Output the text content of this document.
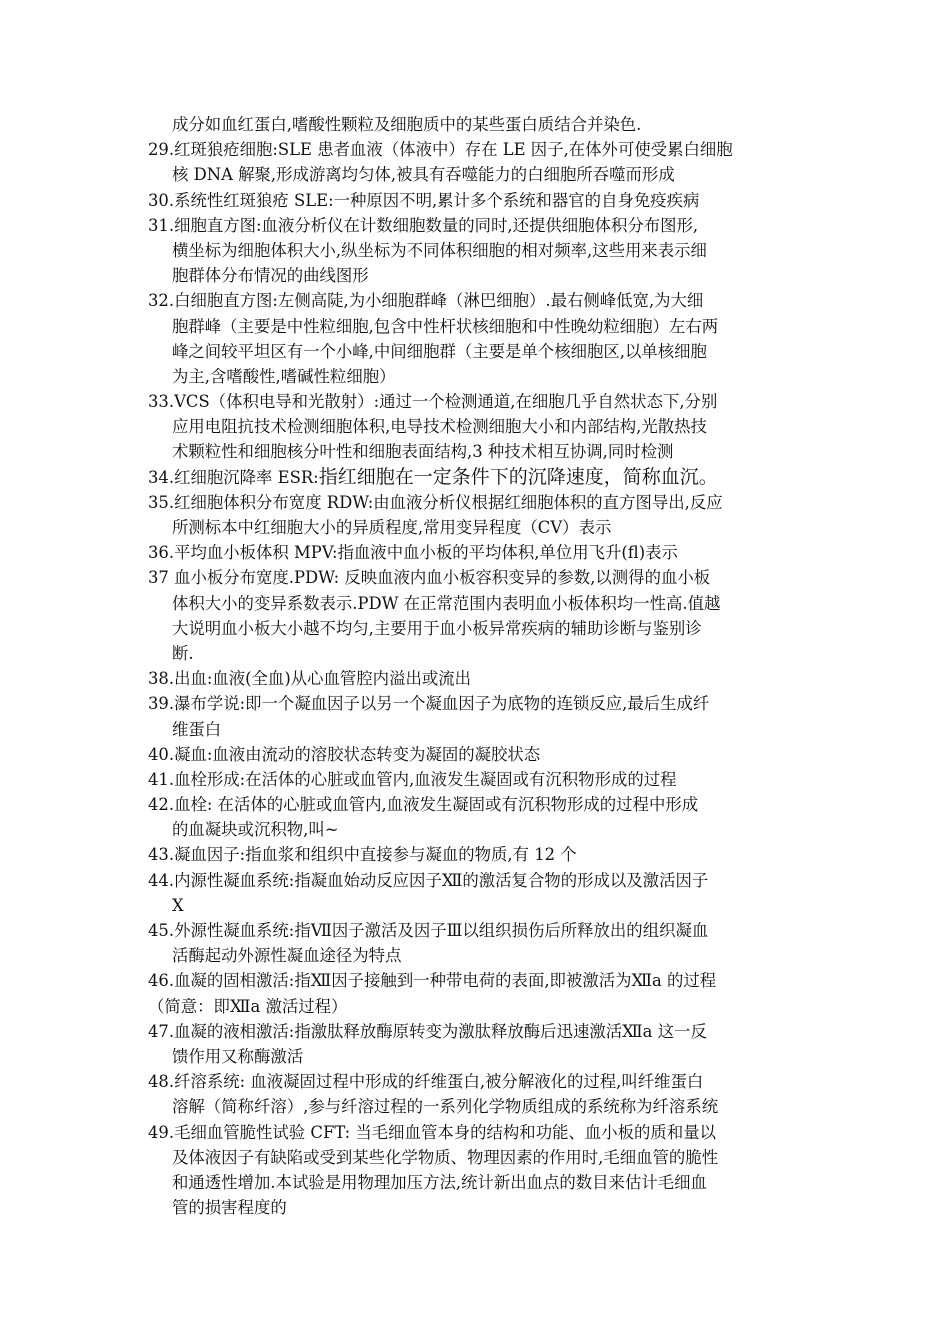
成分如血红蛋白,嗜酸性颗粒及细胞质中的某些蛋白质结合并染色.
29.红斑狼疮细胞:SLE 患者血液（体液中）存在 LE 因子,在体外可使受累白细胞
核 DNA 解聚,形成游离均匀体,被具有吞噬能力的白细胞所吞噬而形成
30.系统性红斑狼疮 SLE:一种原因不明,累计多个系统和器官的自身免疫疾病
31.细胞直方图:血液分析仪在计数细胞数量的同时,还提供细胞体积分布图形,
横坐标为细胞体积大小,纵坐标为不同体积细胞的相对频率,这些用来表示细
胞群体分布情况的曲线图形
32.白细胞直方图:左侧高陡,为小细胞群峰（淋巴细胞）.最右侧峰低宽,为大细
胞群峰（主要是中性粒细胞,包含中性杆状核细胞和中性晚幼粒细胞）左右两
峰之间较平坦区有一个小峰,中间细胞群（主要是单个核细胞区,以单核细胞
为主,含嗜酸性,嗜碱性粒细胞）
33.VCS（体积电导和光散射）:通过一个检测通道,在细胞几乎自然状态下,分别
应用电阻抗技术检测细胞体积,电导技术检测细胞大小和内部结构,光散热技
术颗粒性和细胞核分叶性和细胞表面结构,3 种技术相互协调,同时检测
34.红细胞沉降率 ESR:指红细胞在一定条件下的沉降速度，简称血沉。
35.红细胞体积分布宽度 RDW:由血液分析仪根据红细胞体积的直方图导出,反应
所测标本中红细胞大小的异质程度,常用变异程度（CV）表示
36.平均血小板体积 MPV:指血液中血小板的平均体积,单位用飞升(fl)表示
37 血小板分布宽度.PDW: 反映血液内血小板容积变异的参数,以测得的血小板
体积大小的变异系数表示.PDW 在正常范围内表明血小板体积均一性高.值越
大说明血小板大小越不均匀,主要用于血小板异常疾病的辅助诊断与鉴别诊
断.
38.出血:血液(全血)从心血管腔内溢出或流出
39.瀑布学说:即一个凝血因子以另一个凝血因子为底物的连锁反应,最后生成纤
维蛋白
40.凝血:血液由流动的溶胶状态转变为凝固的凝胶状态
41.血栓形成:在活体的心脏或血管内,血液发生凝固或有沉积物形成的过程
42.血栓: 在活体的心脏或血管内,血液发生凝固或有沉积物形成的过程中形成
的血凝块或沉积物,叫~
43.凝血因子:指血浆和组织中直接参与凝血的物质,有 12 个
44.内源性凝血系统:指凝血始动反应因子Ⅻ的激活复合物的形成以及激活因子
Ⅹ
45.外源性凝血系统:指Ⅶ因子激活及因子Ⅲ以组织损伤后所释放出的组织凝血
活酶起动外源性凝血途径为特点
46.血凝的固相激活:指Ⅻ因子接触到一种带电荷的表面,即被激活为Ⅻa 的过程
（简意：即Ⅻa 激活过程）
47.血凝的液相激活:指激肽释放酶原转变为激肽释放酶后迅速激活Ⅻa 这一反
馈作用又称酶激活
48.纤溶系统: 血液凝固过程中形成的纤维蛋白,被分解液化的过程,叫纤维蛋白
溶解（简称纤溶）,参与纤溶过程的一系列化学物质组成的系统称为纤溶系统
49.毛细血管脆性试验 CFT: 当毛细血管本身的结构和功能、血小板的质和量以
及体液因子有缺陷或受到某些化学物质、物理因素的作用时,毛细血管的脆性
和通透性增加.本试验是用物理加压方法,统计新出血点的数目来估计毛细血
管的损害程度的
